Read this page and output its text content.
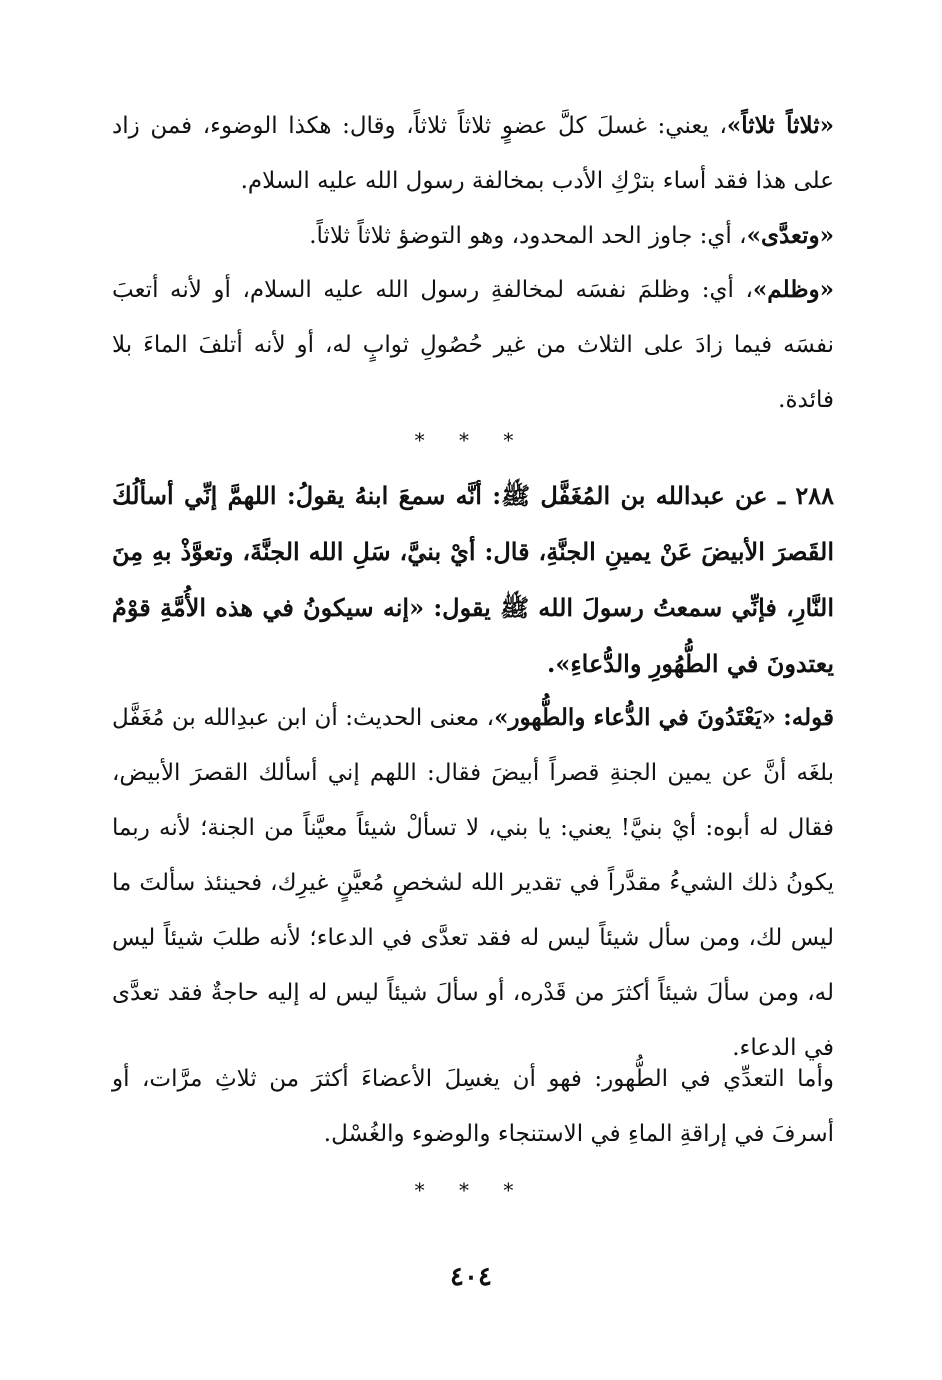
«ثلاثاً ثلاثاً»، يعني: غسلَ كلَّ عضوٍ ثلاثاً ثلاثاً، وقال: هكذا الوضوء، فمن زاد على هذا فقد أساء بترْكِ الأدب بمخالفة رسول الله عليه السلام.

«وتعدَّى»، أي: جاوز الحد المحدود، وهو التوضؤ ثلاثاً ثلاثاً.

«وظلم»، أي: وظلمَ نفسَه لمخالفةِ رسول الله عليه السلام، أو لأنه أتعبَ نفسَه فيما زادَ على الثلاث من غير حُصُولِ ثوابٍ له، أو لأنه أتلفَ الماءَ بلا فائدة.

* * *

٢٨٨ ـ عن عبدالله بن المُغَفَّل ﷺ: أنَّه سمعَ ابنهُ يقولُ: اللهمَّ إنِّي أسألُكَ القَصرَ الأبيضَ عَنْ يمينِ الجنَّةِ، قال: أيْ بنيَّ، سَلِ الله الجنَّةَ، وتعوَّذْ بهِ مِنَ النَّارِ، فإنِّي سمعتُ رسولَ الله ﷺ يقول: «إنه سيكونُ في هذه الأُمَّةِ قوْمٌ يعتدونَ في الطُّهُورِ والدُّعاءِ».

قوله: «يَعْتَدُونَ في الدُّعاء والطُّهور»، معنى الحديث: أن ابن عبدِالله بن مُغَفَّل بلغَه أنَّ عن يمين الجنةِ قصراً أبيضَ فقال: اللهم إني أسألك القصرَ الأبيض، فقال له أبوه: أيْ بنيَّ! يعني: يا بني، لا تسألْ شيئاً معيَّناً من الجنة؛ لأنه ربما يكونُ ذلك الشيءُ مقدَّراً في تقدير الله لشخصٍ مُعيَّنٍ غيرِك، فحينئذ سألتَ ما ليس لك، ومن سأل شيئاً ليس له فقد تعدَّى في الدعاء؛ لأنه طلبَ شيئاً ليس له، ومن سألَ شيئاً أكثرَ من قَدْره، أو سألَ شيئاً ليس له إليه حاجةٌ فقد تعدَّى في الدعاء.

وأما التعدِّي في الطُّهور: فهو أن يغسِلَ الأعضاءَ أكثرَ من ثلاثِ مرَّات، أو أسرفَ في إراقةِ الماءِ في الاستنجاء والوضوء والغُسْل.

* * *
٤٠٤
